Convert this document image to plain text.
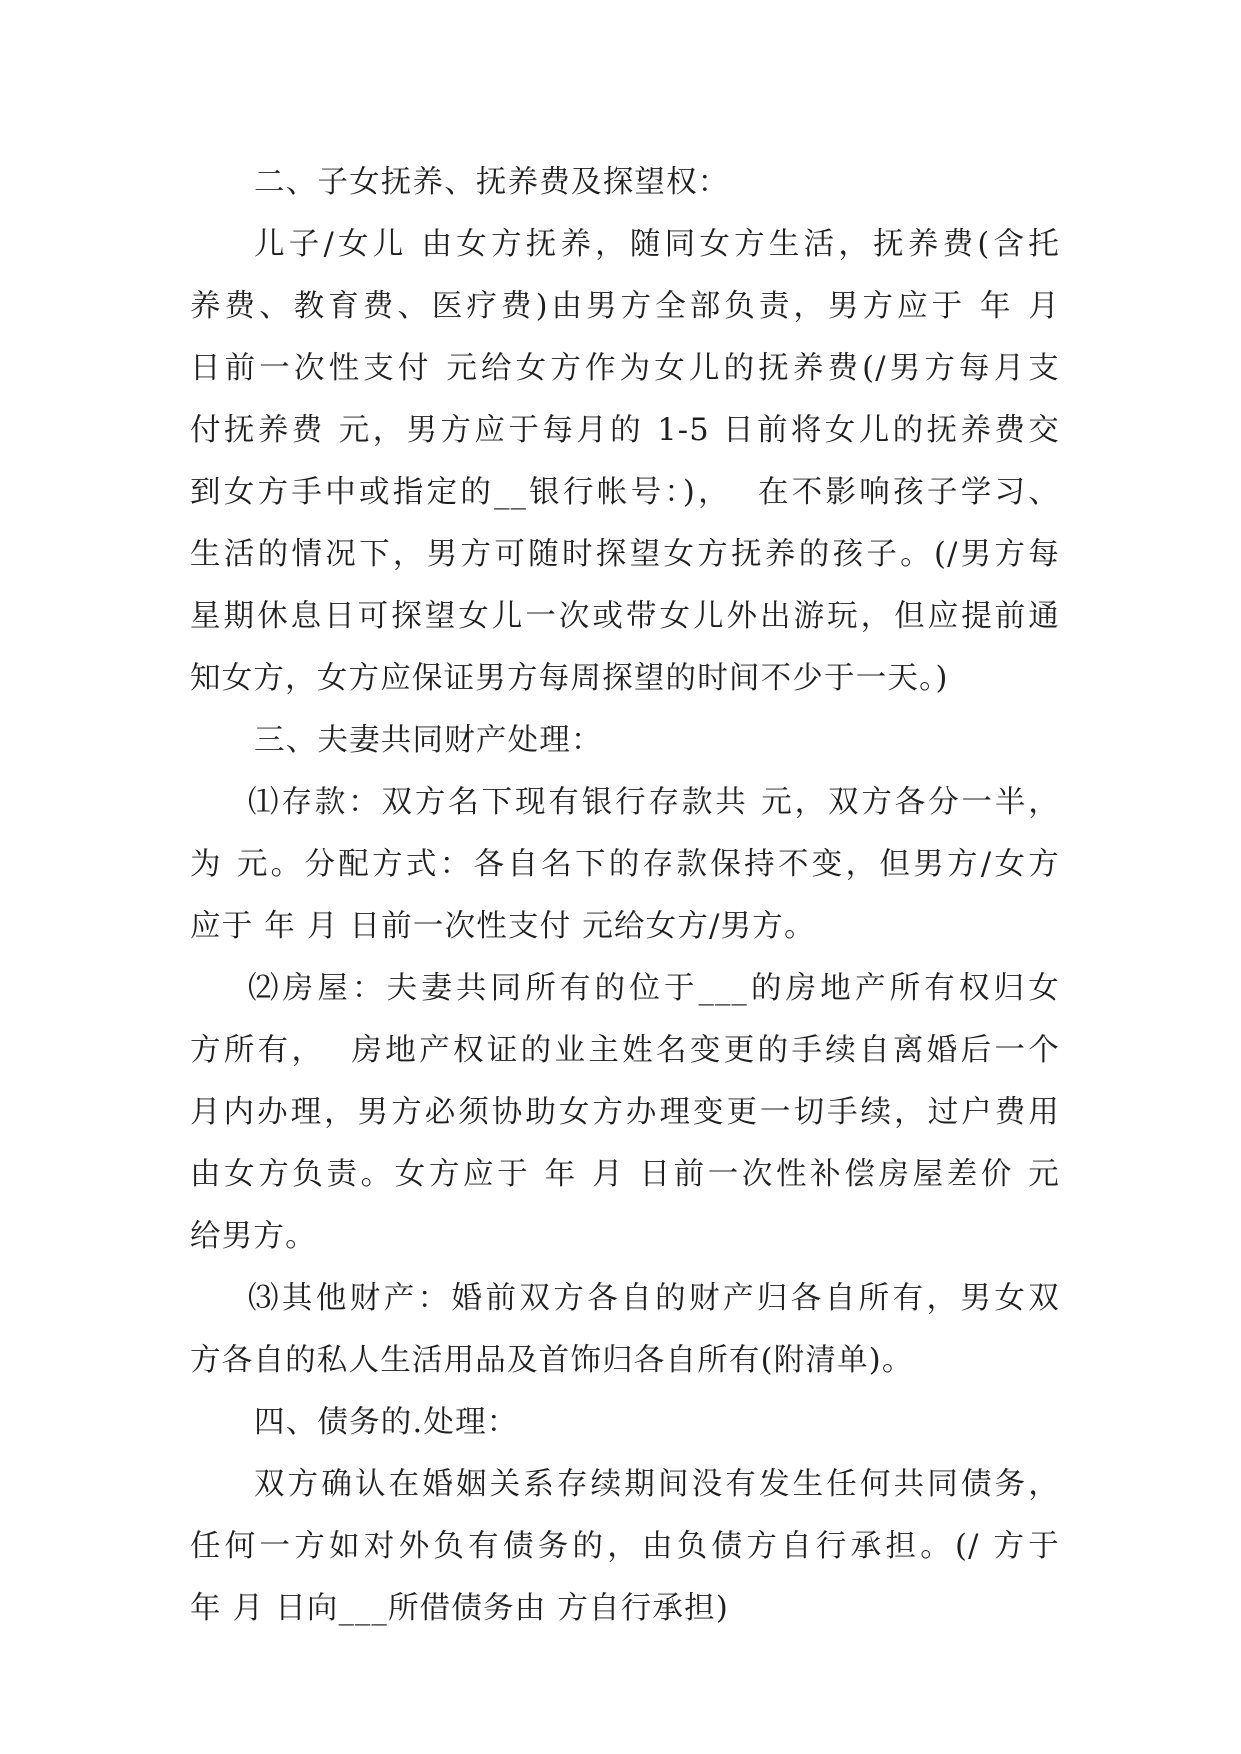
二、子女抚养、抚养费及探望权：
儿子/女儿 由女方抚养，随同女方生活，抚养费(含托
养费、教育费、医疗费)由男方全部负责，男方应于 年 月
日前一次性支付 元给女方作为女儿的抚养费(/男方每月支
付抚养费 元，男方应于每月的 1-5 日前将女儿的抚养费交
到女方手中或指定的__银行帐号：)，  在不影响孩子学习、
生活的情况下，男方可随时探望女方抚养的孩子。(/男方每
星期休息日可探望女儿一次或带女儿外出游玩，但应提前通
知女方，女方应保证男方每周探望的时间不少于一天。)
三、夫妻共同财产处理：
⑴存款：双方名下现有银行存款共 元，双方各分一半，
为 元。分配方式：各自名下的存款保持不变，但男方/女方
应于 年 月 日前一次性支付 元给女方/男方。
⑵房屋：夫妻共同所有的位于___的房地产所有权归女
方所有，  房地产权证的业主姓名变更的手续自离婚后一个
月内办理，男方必须协助女方办理变更一切手续，过户费用
由女方负责。女方应于 年 月 日前一次性补偿房屋差价 元
给男方。
⑶其他财产：婚前双方各自的财产归各自所有，男女双
方各自的私人生活用品及首饰归各自所有(附清单)。
四、债务的.处理：
双方确认在婚姻关系存续期间没有发生任何共同债务，
任何一方如对外负有债务的，由负债方自行承担。(/ 方于
年 月 日向___所借债务由 方自行承担)
